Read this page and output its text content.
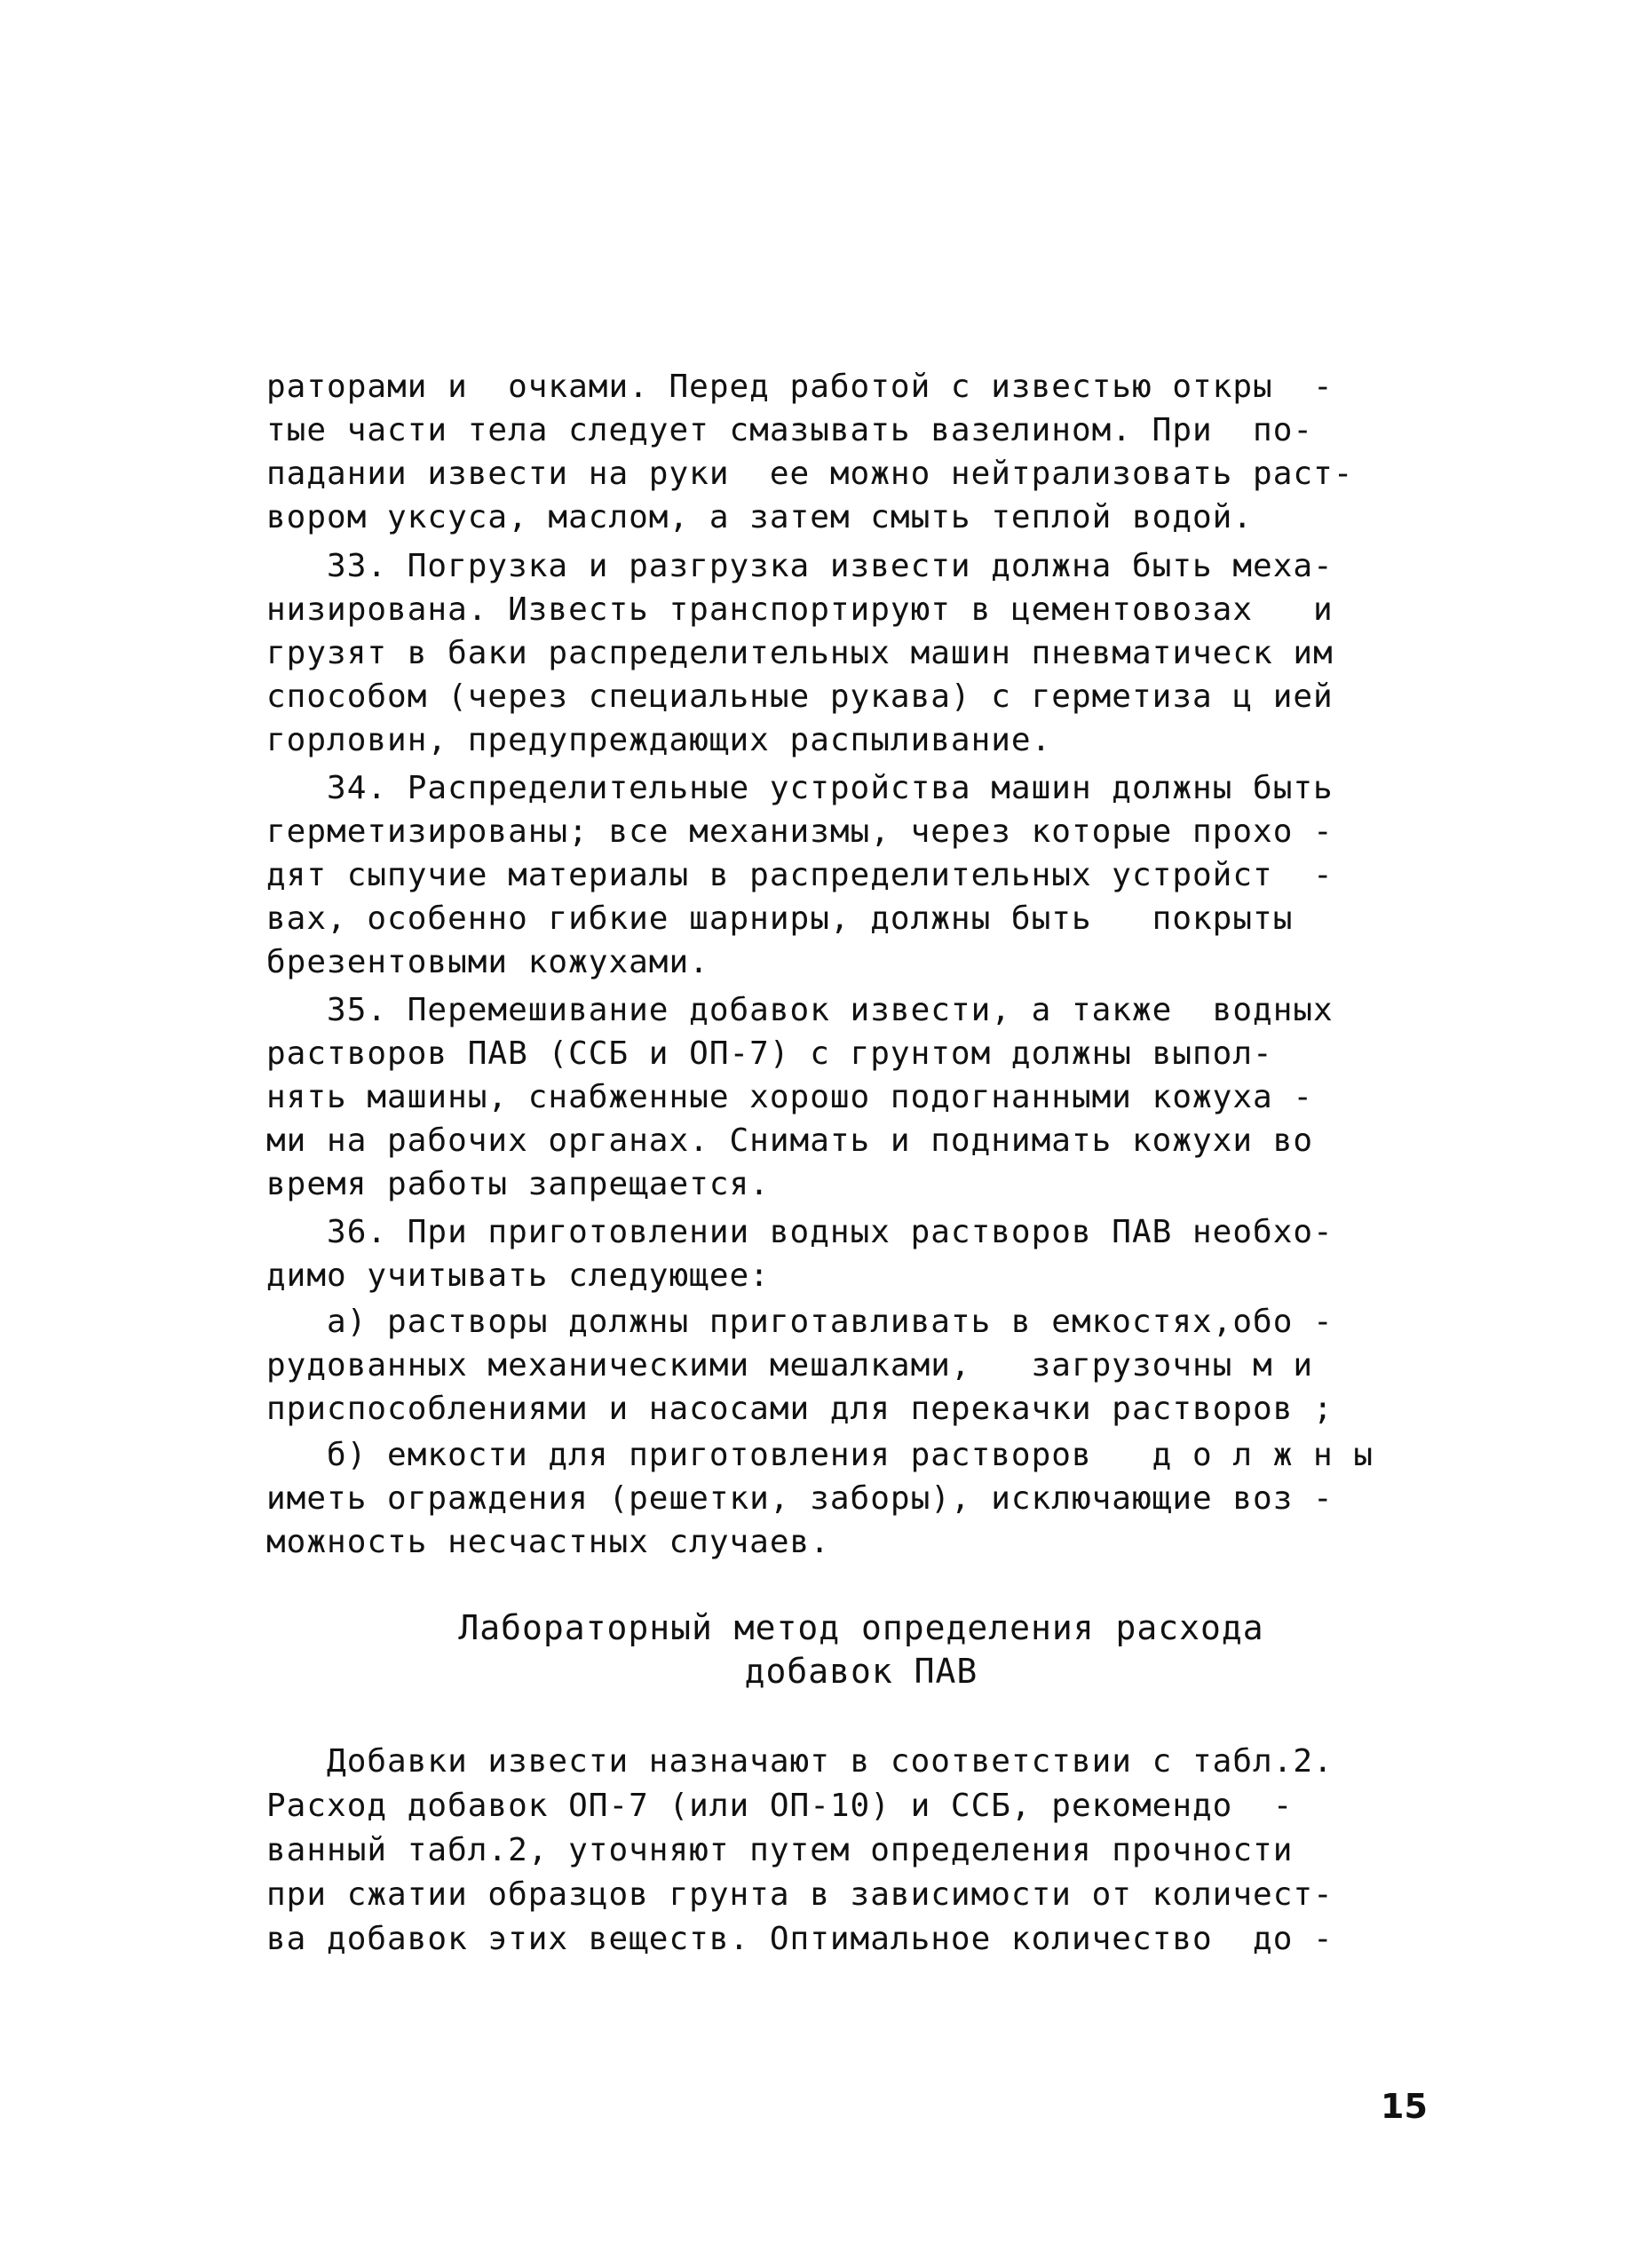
раторами и  очками. Перед работой с известью откры  -
тые части тела следует смазывать вазелином. При  по-
падании извести на руки  ее можно нейтрализовать раст-
вором уксуса, маслом, а затем смыть теплой водой.
33. Погрузка и разгрузка извести должна быть меха-
низирована. Известь транспортируют в цементовозах   и
грузят в баки распределительных машин пневматическ им
способом (через специальные рукава) с герметиза ц ией
горловин, предупреждающих распыливание.
34. Распределительные устройства машин должны быть
герметизированы; все механизмы, через которые прохо -
дят сыпучие материалы в распределительных устройст  -
вах, особенно гибкие шарниры, должны быть   покрыты
брезентовыми кожухами.
35. Перемешивание добавок извести, а также  водных
растворов ПАВ (ССБ и ОП-7) с грунтом должны выпол-
нять машины, снабженные хорошо подогнанными кожуха -
ми на рабочих органах. Снимать и поднимать кожухи во
время работы запрещается.
36. При приготовлении водных растворов ПАВ необхо-
димо учитывать следующее:
а) растворы должны приготавливать в емкостях,обо -
рудованных механическими мешалками,   загрузочны м и
приспособлениями и насосами для перекачки растворов ;
б) емкости для приготовления растворов   д о л ж н ы
иметь ограждения (решетки, заборы), исключающие воз -
можность несчастных случаев.
Лабораторный метод определения расхода
добавок ПАВ
Добавки извести назначают в соответствии с табл.2.
Расход добавок ОП-7 (или ОП-10) и ССБ, рекомендо  -
ванный табл.2, уточняют путем определения прочности
при сжатии образцов грунта в зависимости от количест-
ва добавок этих веществ. Оптимальное количество  до -
15
